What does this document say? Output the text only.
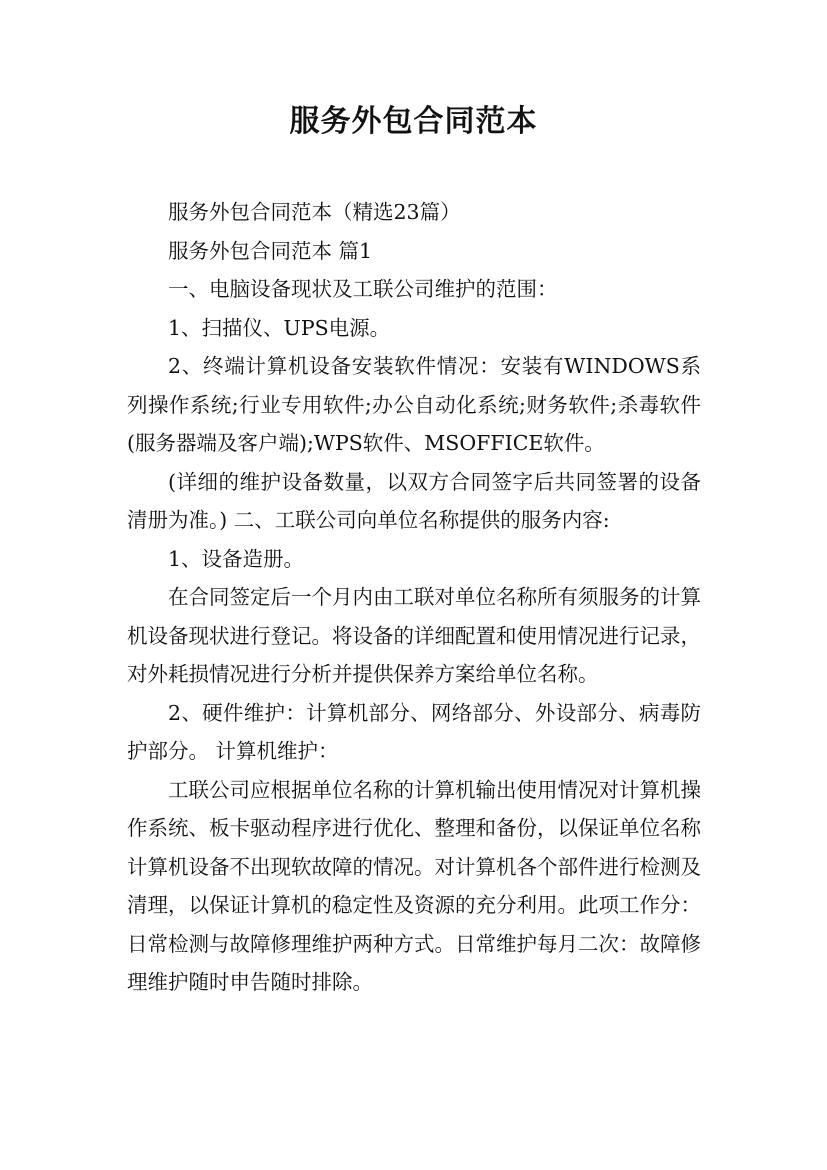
服务外包合同范本

服务外包合同范本（精选23篇）

服务外包合同范本 篇1

一、电脑设备现状及工联公司维护的范围：

1、扫描仪、UPS电源。

2、终端计算机设备安装软件情况：安装有WINDOWS系列操作系统;行业专用软件;办公自动化系统;财务软件;杀毒软件(服务器端及客户端);WPS软件、MSOFFICE软件。

(详细的维护设备数量，以双方合同签字后共同签署的设备清册为准。) 二、工联公司向单位名称提供的服务内容:

1、设备造册。

在合同签定后一个月内由工联对单位名称所有须服务的计算机设备现状进行登记。将设备的详细配置和使用情况进行记录，对外耗损情况进行分析并提供保养方案给单位名称。

2、硬件维护：计算机部分、网络部分、外设部分、病毒防护部分。 计算机维护：

工联公司应根据单位名称的计算机输出使用情况对计算机操作系统、板卡驱动程序进行优化、整理和备份，以保证单位名称计算机设备不出现软故障的情况。对计算机各个部件进行检测及清理，以保证计算机的稳定性及资源的充分利用。此项工作分：日常检测与故障修理维护两种方式。日常维护每月二次：故障修理维护随时申告随时排除。
